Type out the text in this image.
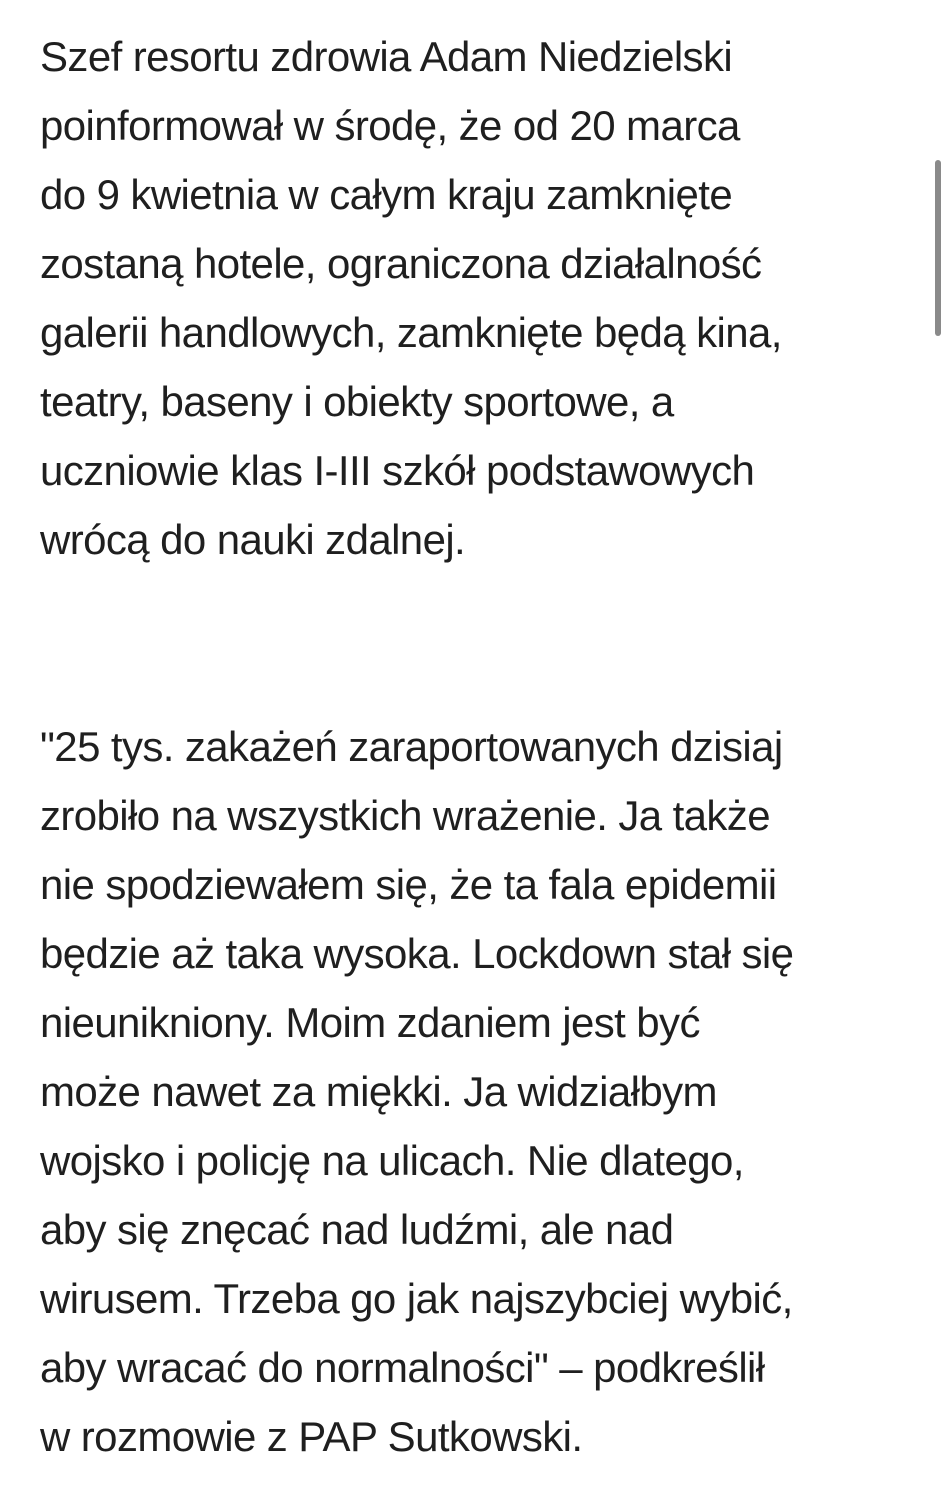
Szef resortu zdrowia Adam Niedzielski
poinformował w środę, że od 20 marca
do 9 kwietnia w całym kraju zamknięte
zostaną hotele, ograniczona działalność
galerii handlowych, zamknięte będą kina,
teatry, baseny i obiekty sportowe, a
uczniowie klas I-III szkół podstawowych
wrócą do nauki zdalnej.

"25 tys. zakażeń zaraportowanych dzisiaj
zrobiło na wszystkich wrażenie. Ja także
nie spodziewałem się, że ta fala epidemii
będzie aż taka wysoka. Lockdown stał się
nieunikniony. Moim zdaniem jest być
może nawet za miękki. Ja widziałbym
wojsko i policję na ulicach. Nie dlatego,
aby się znęcać nad ludźmi, ale nad
wirusem. Trzeba go jak najszybciej wybić,
aby wracać do normalności" – podkreślił
w rozmowie z PAP Sutkowski.
